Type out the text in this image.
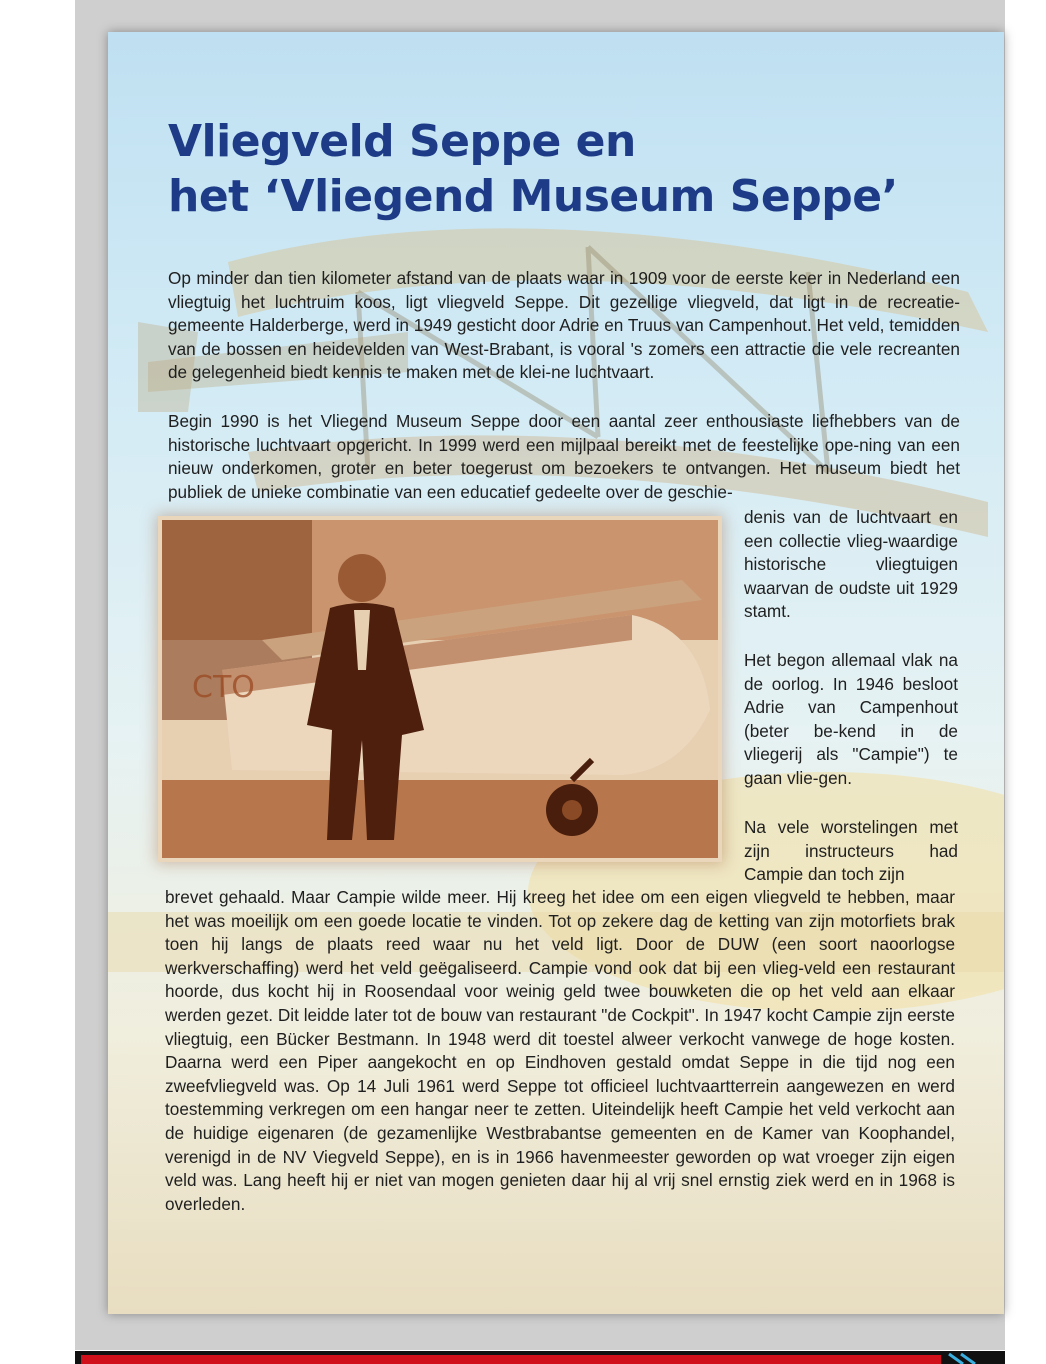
Vliegveld Seppe en
het ‘Vliegend Museum Seppe’

Op minder dan tien kilometer afstand van de plaats waar in 1909 voor de eerste keer in Nederland een vliegtuig het luchtruim koos, ligt vliegveld Seppe. Dit gezellige vliegveld, dat ligt in de recreatie-gemeente Halderberge, werd in 1949 gesticht door Adrie en Truus van Campenhout. Het veld, temidden van de bossen en heidevelden van West-Brabant, is vooral 's zomers een attractie die vele recreanten de gelegenheid biedt kennis te maken met de klei-ne luchtvaart.

Begin 1990 is het Vliegend Museum Seppe door een aantal zeer enthousiaste liefhebbers van de historische luchtvaart opgericht. In 1999 werd een mijlpaal bereikt met de feestelijke ope-ning van een nieuw onderkomen, groter en beter toegerust om bezoekers te ontvangen. Het museum biedt het publiek de unieke combinatie van een educatief gedeelte over de geschie-

denis van de luchtvaart en een collectie vlieg-waardige historische vliegtuigen waarvan de oudste uit 1929 stamt.

Het begon allemaal vlak na de oorlog. In 1946 besloot Adrie van Campenhout (beter be-kend in de vliegerij als "Campie") te gaan vlie-gen.

Na vele worstelingen met zijn instructeurs had Campie dan toch zijn

brevet gehaald. Maar Campie wilde meer. Hij kreeg het idee om een eigen vliegveld te hebben, maar het was moeilijk om een goede locatie te vinden. Tot op zekere dag de ketting van zijn motorfiets brak toen hij langs de plaats reed waar nu het veld ligt. Door de DUW (een soort naoorlogse werkverschaffing) werd het veld geëgaliseerd. Campie vond ook dat bij een vlieg-veld een restaurant hoorde, dus kocht hij in Roosendaal voor weinig geld twee bouwketen die op het veld aan elkaar werden gezet. Dit leidde later tot de bouw van restaurant "de Cockpit". In 1947 kocht Campie zijn eerste vliegtuig, een Bücker Bestmann. In 1948 werd dit toestel alweer verkocht vanwege de hoge kosten. Daarna werd een Piper aangekocht en op Eindhoven gestald omdat Seppe in die tijd nog een zweefvliegveld was. Op 14 Juli 1961 werd Seppe tot officieel luchtvaartterrein aangewezen en werd toestemming verkregen om een hangar neer te zetten. Uiteindelijk heeft Campie het veld verkocht aan de huidige eigenaren (de gezamenlijke Westbrabantse gemeenten en de Kamer van Koophandel, verenigd in de NV Viegveld Seppe), en is in 1966 havenmeester geworden op wat vroeger zijn eigen veld was. Lang heeft hij er niet van mogen genieten daar hij al vrij snel ernstig ziek werd en in 1968 is overleden.

CTO
